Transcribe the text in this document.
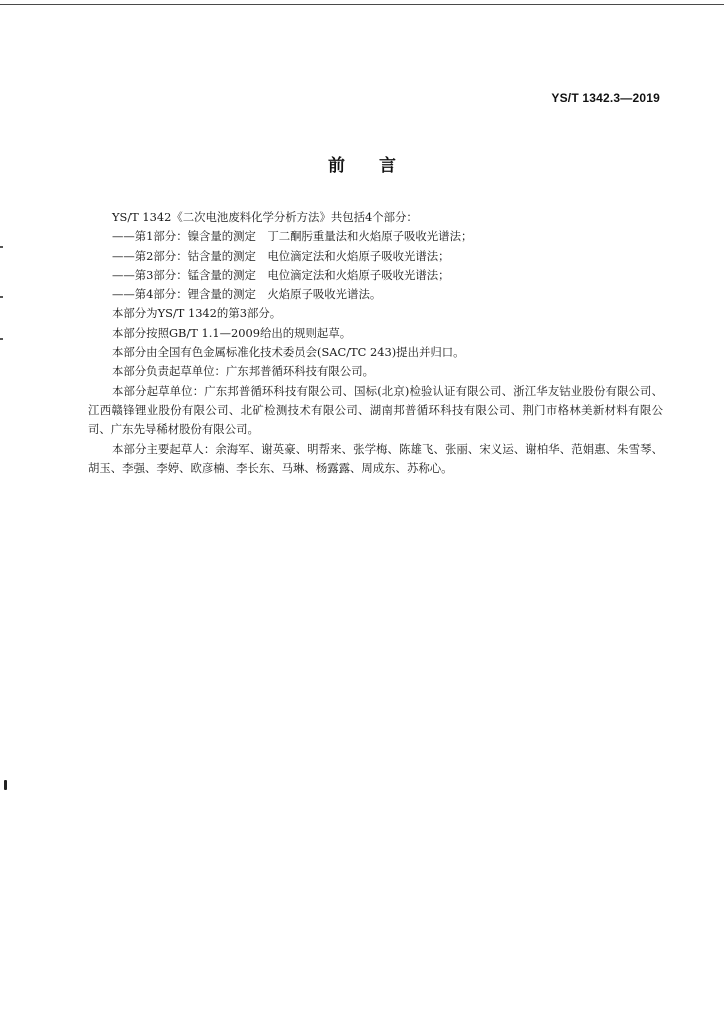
YS/T 1342.3—2019
前　　言
YS/T 1342《二次电池废料化学分析方法》共包括4个部分：
——第1部分：镍含量的测定　丁二酮肟重量法和火焰原子吸收光谱法；
——第2部分：钴含量的测定　电位滴定法和火焰原子吸收光谱法；
——第3部分：锰含量的测定　电位滴定法和火焰原子吸收光谱法；
——第4部分：锂含量的测定　火焰原子吸收光谱法。
本部分为YS/T 1342的第3部分。
本部分按照GB/T 1.1—2009给出的规则起草。
本部分由全国有色金属标准化技术委员会(SAC/TC 243)提出并归口。
本部分负责起草单位：广东邦普循环科技有限公司。
本部分起草单位：广东邦普循环科技有限公司、国标(北京)检验认证有限公司、浙江华友钴业股份有限公司、江西赣锋锂业股份有限公司、北矿检测技术有限公司、湖南邦普循环科技有限公司、荆门市格林美新材料有限公司、广东先导稀材股份有限公司。
本部分主要起草人：余海军、谢英豪、明帮来、张学梅、陈雄飞、张丽、宋义运、谢柏华、范娟惠、朱雪琴、胡玉、李强、李婷、欧彦楠、李长东、马琳、杨露露、周成东、苏称心。
